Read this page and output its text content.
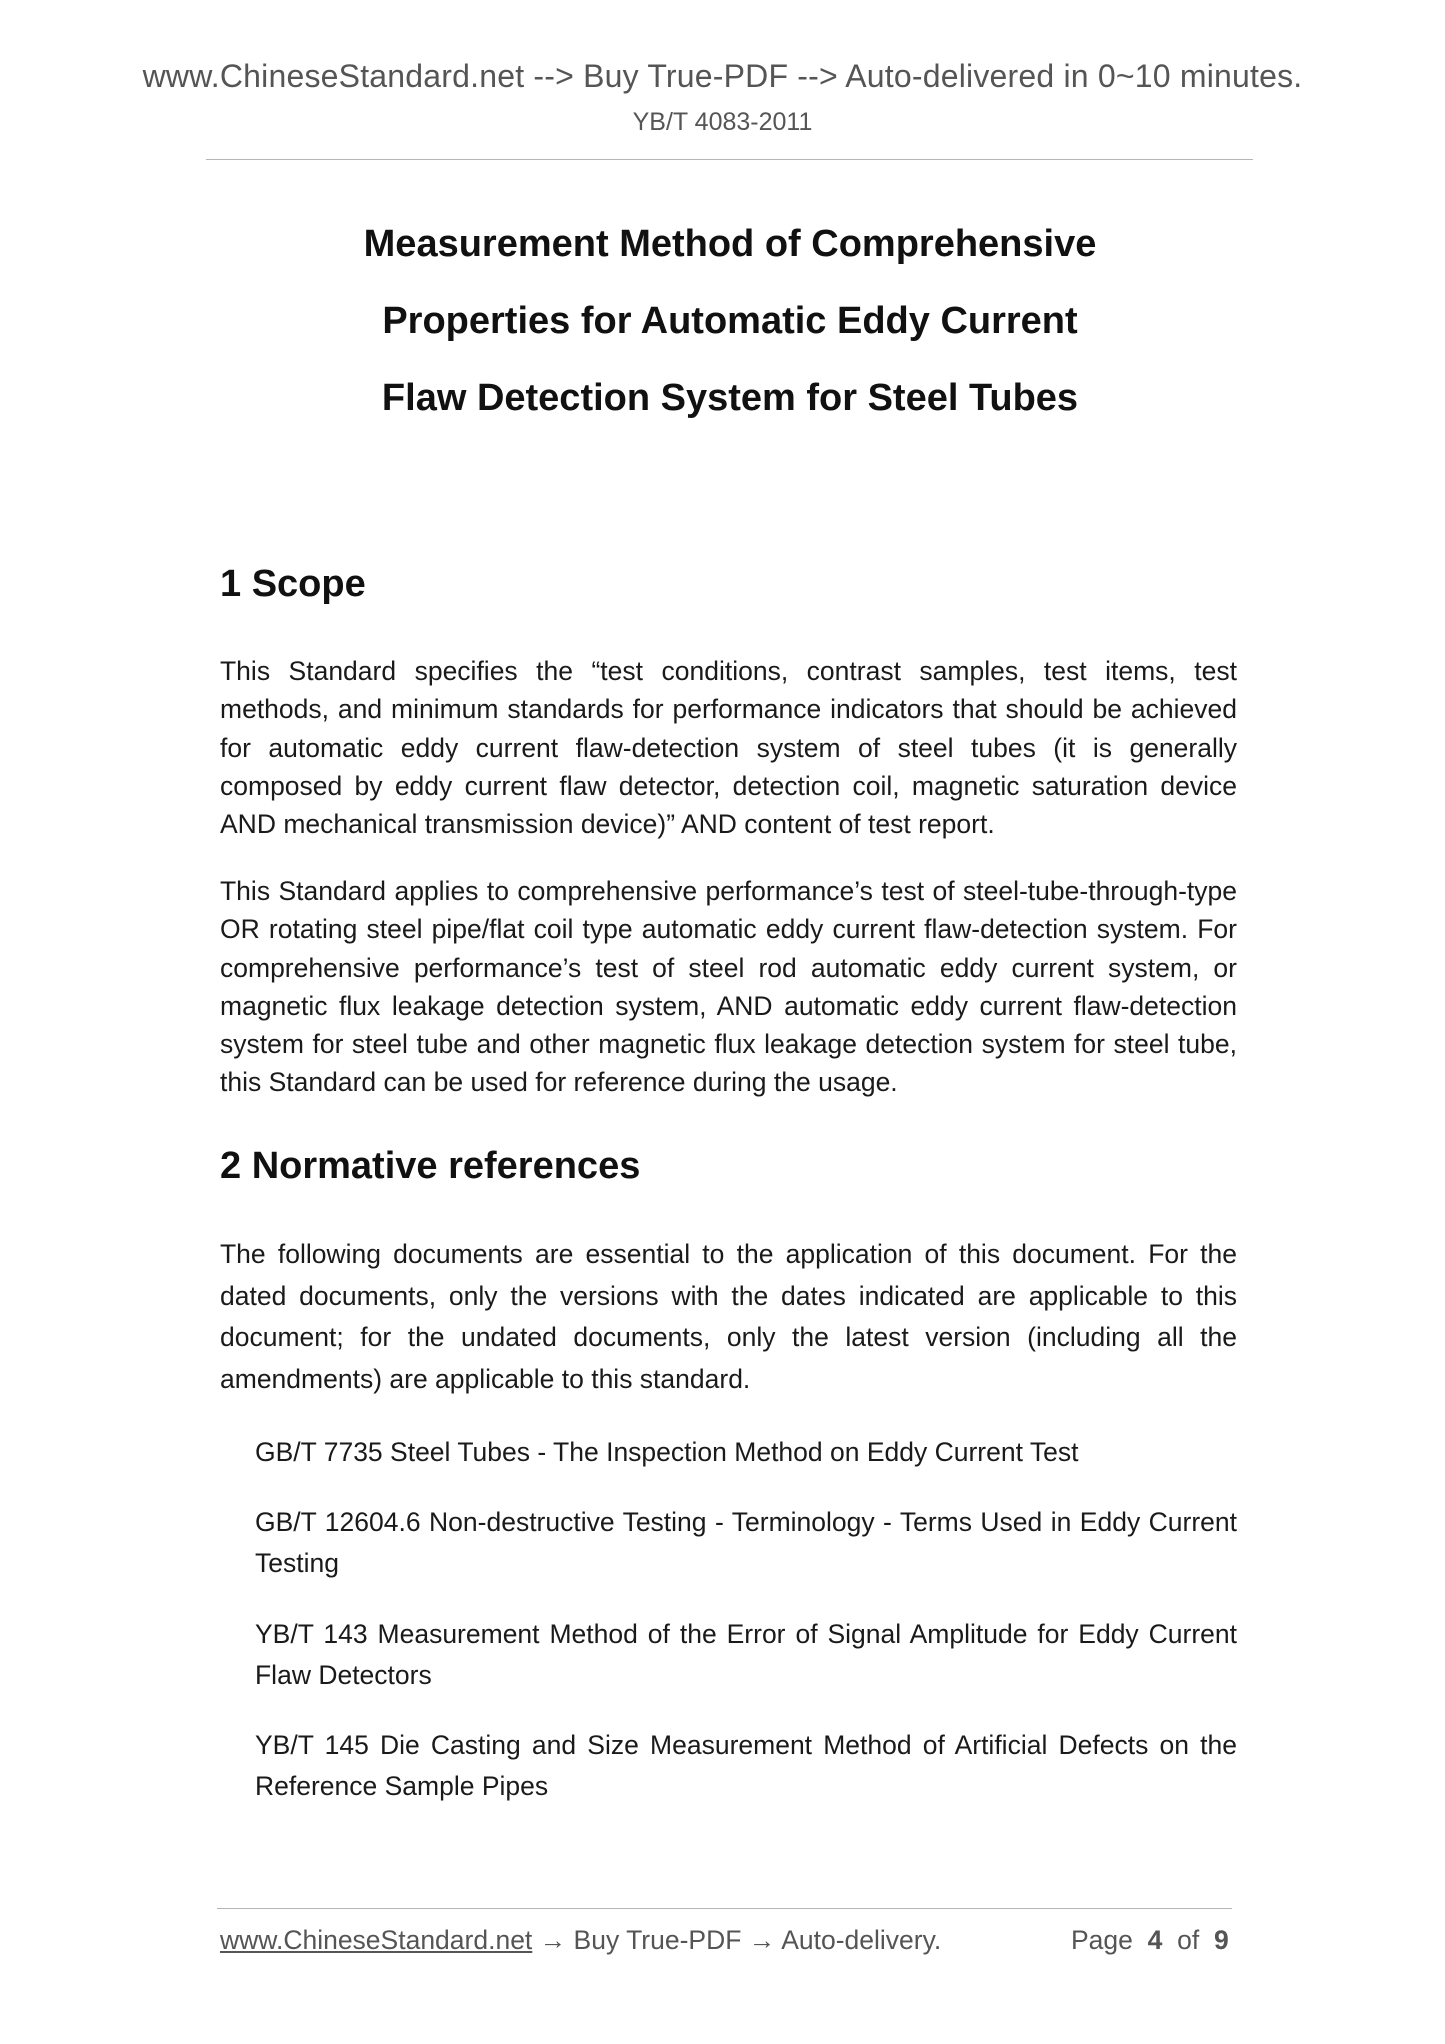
www.ChineseStandard.net --> Buy True-PDF --> Auto-delivered in 0~10 minutes.
YB/T 4083-2011
Measurement Method of Comprehensive
Properties for Automatic Eddy Current
Flaw Detection System for Steel Tubes
1 Scope

This Standard specifies the “test conditions, contrast samples, test items, test methods, and minimum standards for performance indicators that should be achieved for automatic eddy current flaw-detection system of steel tubes (it is generally composed by eddy current flaw detector, detection coil, magnetic saturation device AND mechanical transmission device)” AND content of test report.

This Standard applies to comprehensive performance’s test of steel-tube-through-type OR rotating steel pipe/flat coil type automatic eddy current flaw-detection system. For comprehensive performance’s test of steel rod automatic eddy current system, or magnetic flux leakage detection system, AND automatic eddy current flaw-detection system for steel tube and other magnetic flux leakage detection system for steel tube, this Standard can be used for reference during the usage.

2 Normative references

The following documents are essential to the application of this document. For the dated documents, only the versions with the dates indicated are applicable to this document; for the undated documents, only the latest version (including all the amendments) are applicable to this standard.

GB/T 7735 Steel Tubes - The Inspection Method on Eddy Current Test

GB/T 12604.6 Non-destructive Testing - Terminology - Terms Used in Eddy Current Testing

YB/T 143 Measurement Method of the Error of Signal Amplitude for Eddy Current Flaw Detectors

YB/T 145 Die Casting and Size Measurement Method of Artificial Defects on the Reference Sample Pipes

www.ChineseStandard.net → Buy True-PDF → Auto-delivery.	Page 4 of 9
